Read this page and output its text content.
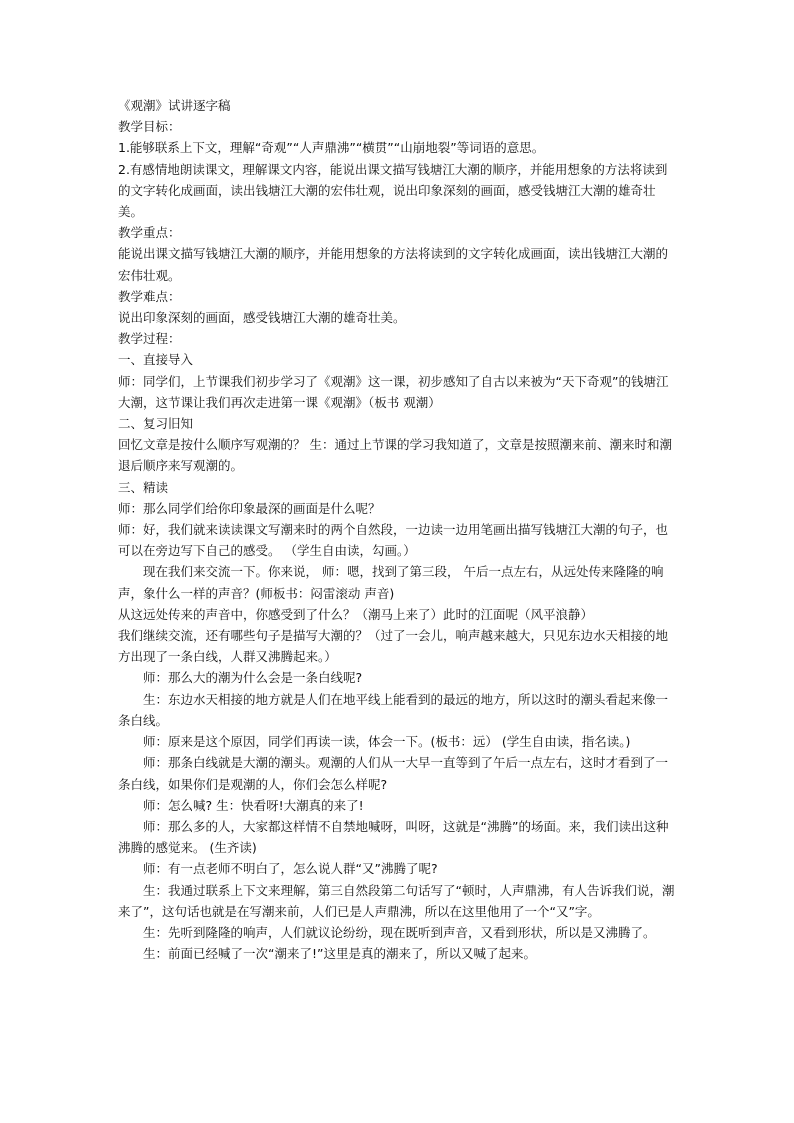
《观潮》试讲逐字稿

教学目标：

1.能够联系上下文，理解“奇观”“人声鼎沸”“横贯”“山崩地裂”等词语的意思。

2.有感情地朗读课文，理解课文内容，能说出课文描写钱塘江大潮的顺序，并能用想象的方法将读到的文字转化成画面，读出钱塘江大潮的宏伟壮观，说出印象深刻的画面，感受钱塘江大潮的雄奇壮美。

教学重点：

能说出课文描写钱塘江大潮的顺序，并能用想象的方法将读到的文字转化成画面，读出钱塘江大潮的宏伟壮观。

教学难点：

说出印象深刻的画面，感受钱塘江大潮的雄奇壮美。

教学过程：

一、直接导入

师：同学们，上节课我们初步学习了《观潮》这一课，初步感知了自古以来被为“天下奇观”的钱塘江大潮，这节课让我们再次走进第一课《观潮》（板书 观潮）

二、复习旧知

回忆文章是按什么顺序写观潮的？ 生：通过上节课的学习我知道了，文章是按照潮来前、潮来时和潮退后顺序来写观潮的。

三、精读

师：那么同学们给你印象最深的画面是什么呢？

师：好，我们就来读读课文写潮来时的两个自然段，一边读一边用笔画出描写钱塘江大潮的句子，也可以在旁边写下自己的感受。 （学生自由读，勾画。）

现在我们来交流一下。你来说， 师：嗯，找到了第三段， 午后一点左右，从远处传来隆隆的响声，象什么一样的声音？(师板书：闷雷滚动 声音)

从这远处传来的声音中，你感受到了什么？（潮马上来了）此时的江面呢（风平浪静）

我们继续交流，还有哪些句子是描写大潮的？（过了一会儿，响声越来越大，只见东边水天相接的地方出现了一条白线，人群又沸腾起来。）

师：那么大的潮为什么会是一条白线呢?

生：东边水天相接的地方就是人们在地平线上能看到的最远的地方，所以这时的潮头看起来像一条白线。

师：原来是这个原因，同学们再读一读，体会一下。(板书：远） (学生自由读，指名读。)

师：那条白线就是大潮的潮头。观潮的人们从一大早一直等到了午后一点左右，这时才看到了一条白线，如果你们是观潮的人，你们会怎么样呢?

师：怎么喊? 生：快看呀!大潮真的来了!

师：那么多的人，大家都这样情不自禁地喊呀，叫呀，这就是“沸腾”的场面。来，我们读出这种沸腾的感觉来。 (生齐读)

师：有一点老师不明白了，怎么说人群“又”沸腾了呢?

生：我通过联系上下文来理解，第三自然段第二句话写了“顿时，人声鼎沸，有人告诉我们说，潮来了”，这句话也就是在写潮来前，人们已是人声鼎沸，所以在这里他用了一个“又”字。

生：先听到隆隆的响声，人们就议论纷纷，现在既听到声音，又看到形状，所以是又沸腾了。

生：前面已经喊了一次“潮来了!”这里是真的潮来了，所以又喊了起来。
